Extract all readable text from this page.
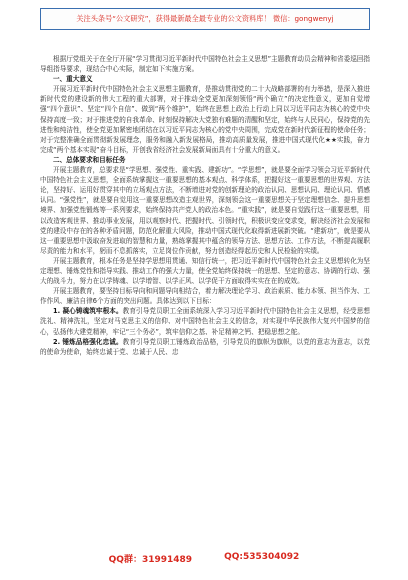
关注头条号“公文研究”，获得最新最全最专业的公文资料库！ 微信：gongwenyj

根据厅党组关于在全厅开展“学习贯彻习近平新时代中国特色社会主义思想”主题教育动员会精神和省委巡回指导组指导要求，现结合中心实际，制定如下实施方案。

一、重大意义

开展习近平新时代中国特色社会主义思想主题教育，是推动贯彻党的二十大战略部署的有力举措，是深入推进新时代党的建设新的伟大工程的重大部署，对于推动全党更加深刻领悟“两个确立”的决定性意义，更加自觉增强“四个意识”、坚定“四个自信”、做到“两个维护”，始终在思想上政治上行动上同以习近平同志为核心的党中央保持高度一致；对于推进党的自我革命、时刻保持解决大党独有难题的清醒和坚定，始终与人民同心，保持党的先进性和纯洁性，使全党更加紧密地团结在以习近平同志为核心的党中央周围，完成党在新时代新征程的使命任务；对于完整准确全面贯彻新发展理念，服务和融入新发展格局，推动高质量发展，推进中国式现代化★★实践，奋力完成“两个基本实现”奋斗目标，开创我省经济社会发展新局面具有十分重大的意义。

二、总体要求和目标任务

开展主题教育，总要求是“学思想、强党性、重实践、建新功”。“学思想”，就是要全面学习领会习近平新时代中国特色社会主义思想，全面系统掌握这一重要思想的基本观点、科学体系，把握好这一重要思想的世界观、方法论，坚持好、运用好贯穿其中的立场观点方法，不断增进对党的创新理论的政治认同、思想认同、理论认同、情感认同。“强党性”，就是要自觉用这一重要思想改造主观世界，深刻领会这一重要思想关于坚定理想信念、提升思想境界、加强党性锻炼等一系列要求，始终保持共产党人的政治本色。“重实践”，就是要自觉践行这一重要思想，用以改造客观世界、推动事业发展，用以观察时代、把握时代、引领时代，积极识变应变求变，解决经济社会发展和党的建设中存在的各种矛盾问题，防范化解重大风险，推动中国式现代化取得新进展新突破。“建新功”，就是要从这一重要思想中汲取奋发进取的智慧和力量，熟练掌握其中蕴含的领导方法、思想方法、工作方法，不断提高履职尽责的能力和水平，躬而不息抓落实，立足岗位作贡献，努力创造经得起历史和人民检验的实绩。

开展主题教育，根本任务是坚持学思想用贯通、知信行统一，把习近平新时代中国特色社会主义思想转化为坚定理想、锤炼党性和指导实践、推动工作的强大力量，使全党始终保持统一的思想、坚定的意志、协调的行动、强大的战斗力，努力在以学铸魂、以学增智、以学正风、以学促干方面取得实实在在的成效。

开展主题教育，要坚持目标导向和问题导向相结合，着力解决理论学习、政治素质、能力本领、担当作为、工作作风、廉洁自律6个方面的突出问题。具体达到以下目标：

1. 凝心铸魂筑牢根本。教育引导党员职工全面系统深入学习习近平新时代中国特色社会主义思想，经受思想洗礼、精神洗礼，坚定对马克思主义的信仰、对中国特色社会主义的信念，对实现中华民族伟大复兴中国梦的信心，弘扬伟大建党精神，牢记“三个务必”，筑牢信仰之基、补足精神之钙、把稳思想之舵。

2. 锤炼品格强化忠诚。教育引导党员职工锤炼政治品格，引导党员的旗帜为旗帜，以党的意志为意志，以党的使命为使命，始终忠诚于党、忠诚于人民、忠

QQ群：31991489	QQ:535304092
